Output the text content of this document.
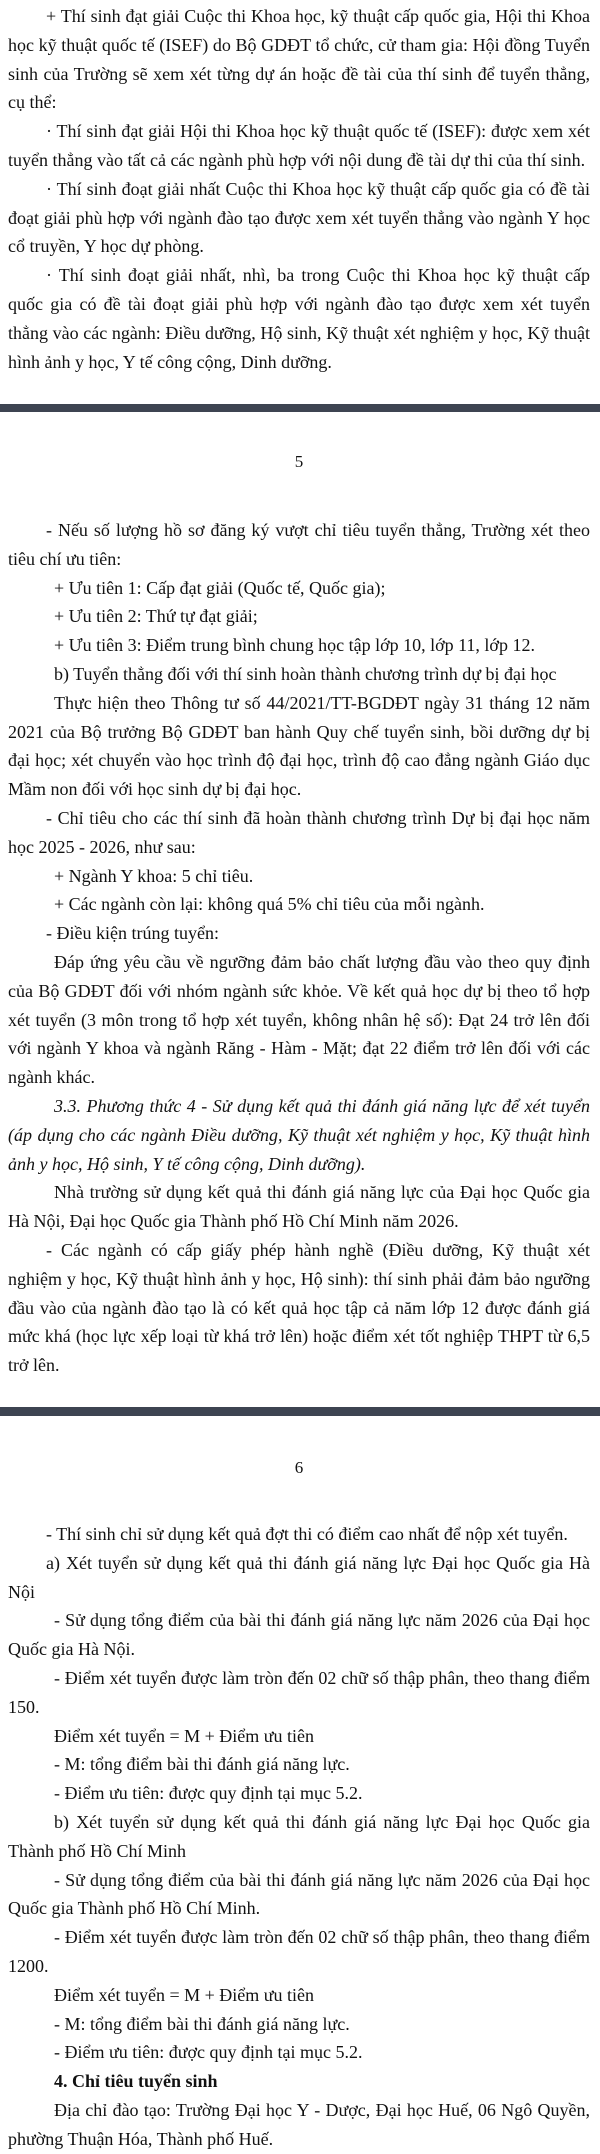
+ Thí sinh đạt giải Cuộc thi Khoa học, kỹ thuật cấp quốc gia, Hội thi Khoa học kỹ thuật quốc tế (ISEF) do Bộ GDĐT tổ chức, cử tham gia: Hội đồng Tuyển sinh của Trường sẽ xem xét từng dự án hoặc đề tài của thí sinh để tuyển thẳng, cụ thể:

· Thí sinh đạt giải Hội thi Khoa học kỹ thuật quốc tế (ISEF): được xem xét tuyển thẳng vào tất cả các ngành phù hợp với nội dung đề tài dự thi của thí sinh.

· Thí sinh đoạt giải nhất Cuộc thi Khoa học kỹ thuật cấp quốc gia có đề tài đoạt giải phù hợp với ngành đào tạo được xem xét tuyển thẳng vào ngành Y học cổ truyền, Y học dự phòng.

· Thí sinh đoạt giải nhất, nhì, ba trong Cuộc thi Khoa học kỹ thuật cấp quốc gia có đề tài đoạt giải phù hợp với ngành đào tạo được xem xét tuyển thẳng vào các ngành: Điều dưỡng, Hộ sinh, Kỹ thuật xét nghiệm y học, Kỹ thuật hình ảnh y học, Y tế công cộng, Dinh dưỡng.

5

- Nếu số lượng hồ sơ đăng ký vượt chỉ tiêu tuyển thẳng, Trường xét theo tiêu chí ưu tiên:

+ Ưu tiên 1: Cấp đạt giải (Quốc tế, Quốc gia);

+ Ưu tiên 2: Thứ tự đạt giải;

+ Ưu tiên 3: Điểm trung bình chung học tập lớp 10, lớp 11, lớp 12.

b) Tuyển thẳng đối với thí sinh hoàn thành chương trình dự bị đại học

Thực hiện theo Thông tư số 44/2021/TT-BGDĐT ngày 31 tháng 12 năm 2021 của Bộ trưởng Bộ GDĐT ban hành Quy chế tuyển sinh, bồi dưỡng dự bị đại học; xét chuyển vào học trình độ đại học, trình độ cao đẳng ngành Giáo dục Mầm non đối với học sinh dự bị đại học.

- Chỉ tiêu cho các thí sinh đã hoàn thành chương trình Dự bị đại học năm học 2025 - 2026, như sau:

+ Ngành Y khoa: 5 chỉ tiêu.

+ Các ngành còn lại: không quá 5% chỉ tiêu của mỗi ngành.

- Điều kiện trúng tuyển:

Đáp ứng yêu cầu về ngưỡng đảm bảo chất lượng đầu vào theo quy định của Bộ GDĐT đối với nhóm ngành sức khỏe. Về kết quả học dự bị theo tổ hợp xét tuyển (3 môn trong tổ hợp xét tuyển, không nhân hệ số): Đạt 24 trở lên đối với ngành Y khoa và ngành Răng - Hàm - Mặt; đạt 22 điểm trở lên đối với các ngành khác.

3.3. Phương thức 4 - Sử dụng kết quả thi đánh giá năng lực để xét tuyển (áp dụng cho các ngành Điều dưỡng, Kỹ thuật xét nghiệm y học, Kỹ thuật hình ảnh y học, Hộ sinh, Y tế công cộng, Dinh dưỡng).

Nhà trường sử dụng kết quả thi đánh giá năng lực của Đại học Quốc gia Hà Nội, Đại học Quốc gia Thành phố Hồ Chí Minh năm 2026.

- Các ngành có cấp giấy phép hành nghề (Điều dưỡng, Kỹ thuật xét nghiệm y học, Kỹ thuật hình ảnh y học, Hộ sinh): thí sinh phải đảm bảo ngưỡng đầu vào của ngành đào tạo là có kết quả học tập cả năm lớp 12 được đánh giá mức khá (học lực xếp loại từ khá trở lên) hoặc điểm xét tốt nghiệp THPT từ 6,5 trở lên.

6

- Thí sinh chỉ sử dụng kết quả đợt thi có điểm cao nhất để nộp xét tuyển.

a) Xét tuyển sử dụng kết quả thi đánh giá năng lực Đại học Quốc gia Hà Nội

- Sử dụng tổng điểm của bài thi đánh giá năng lực năm 2026 của Đại học Quốc gia Hà Nội.

- Điểm xét tuyển được làm tròn đến 02 chữ số thập phân, theo thang điểm 150.

Điểm xét tuyển = M + Điểm ưu tiên

- M: tổng điểm bài thi đánh giá năng lực.

- Điểm ưu tiên: được quy định tại mục 5.2.

b) Xét tuyển sử dụng kết quả thi đánh giá năng lực Đại học Quốc gia Thành phố Hồ Chí Minh

- Sử dụng tổng điểm của bài thi đánh giá năng lực năm 2026 của Đại học Quốc gia Thành phố Hồ Chí Minh.

- Điểm xét tuyển được làm tròn đến 02 chữ số thập phân, theo thang điểm 1200.

Điểm xét tuyển = M + Điểm ưu tiên

- M: tổng điểm bài thi đánh giá năng lực.

- Điểm ưu tiên: được quy định tại mục 5.2.

4. Chỉ tiêu tuyển sinh

Địa chỉ đào tạo: Trường Đại học Y - Dược, Đại học Huế, 06 Ngô Quyền, phường Thuận Hóa, Thành phố Huế.
